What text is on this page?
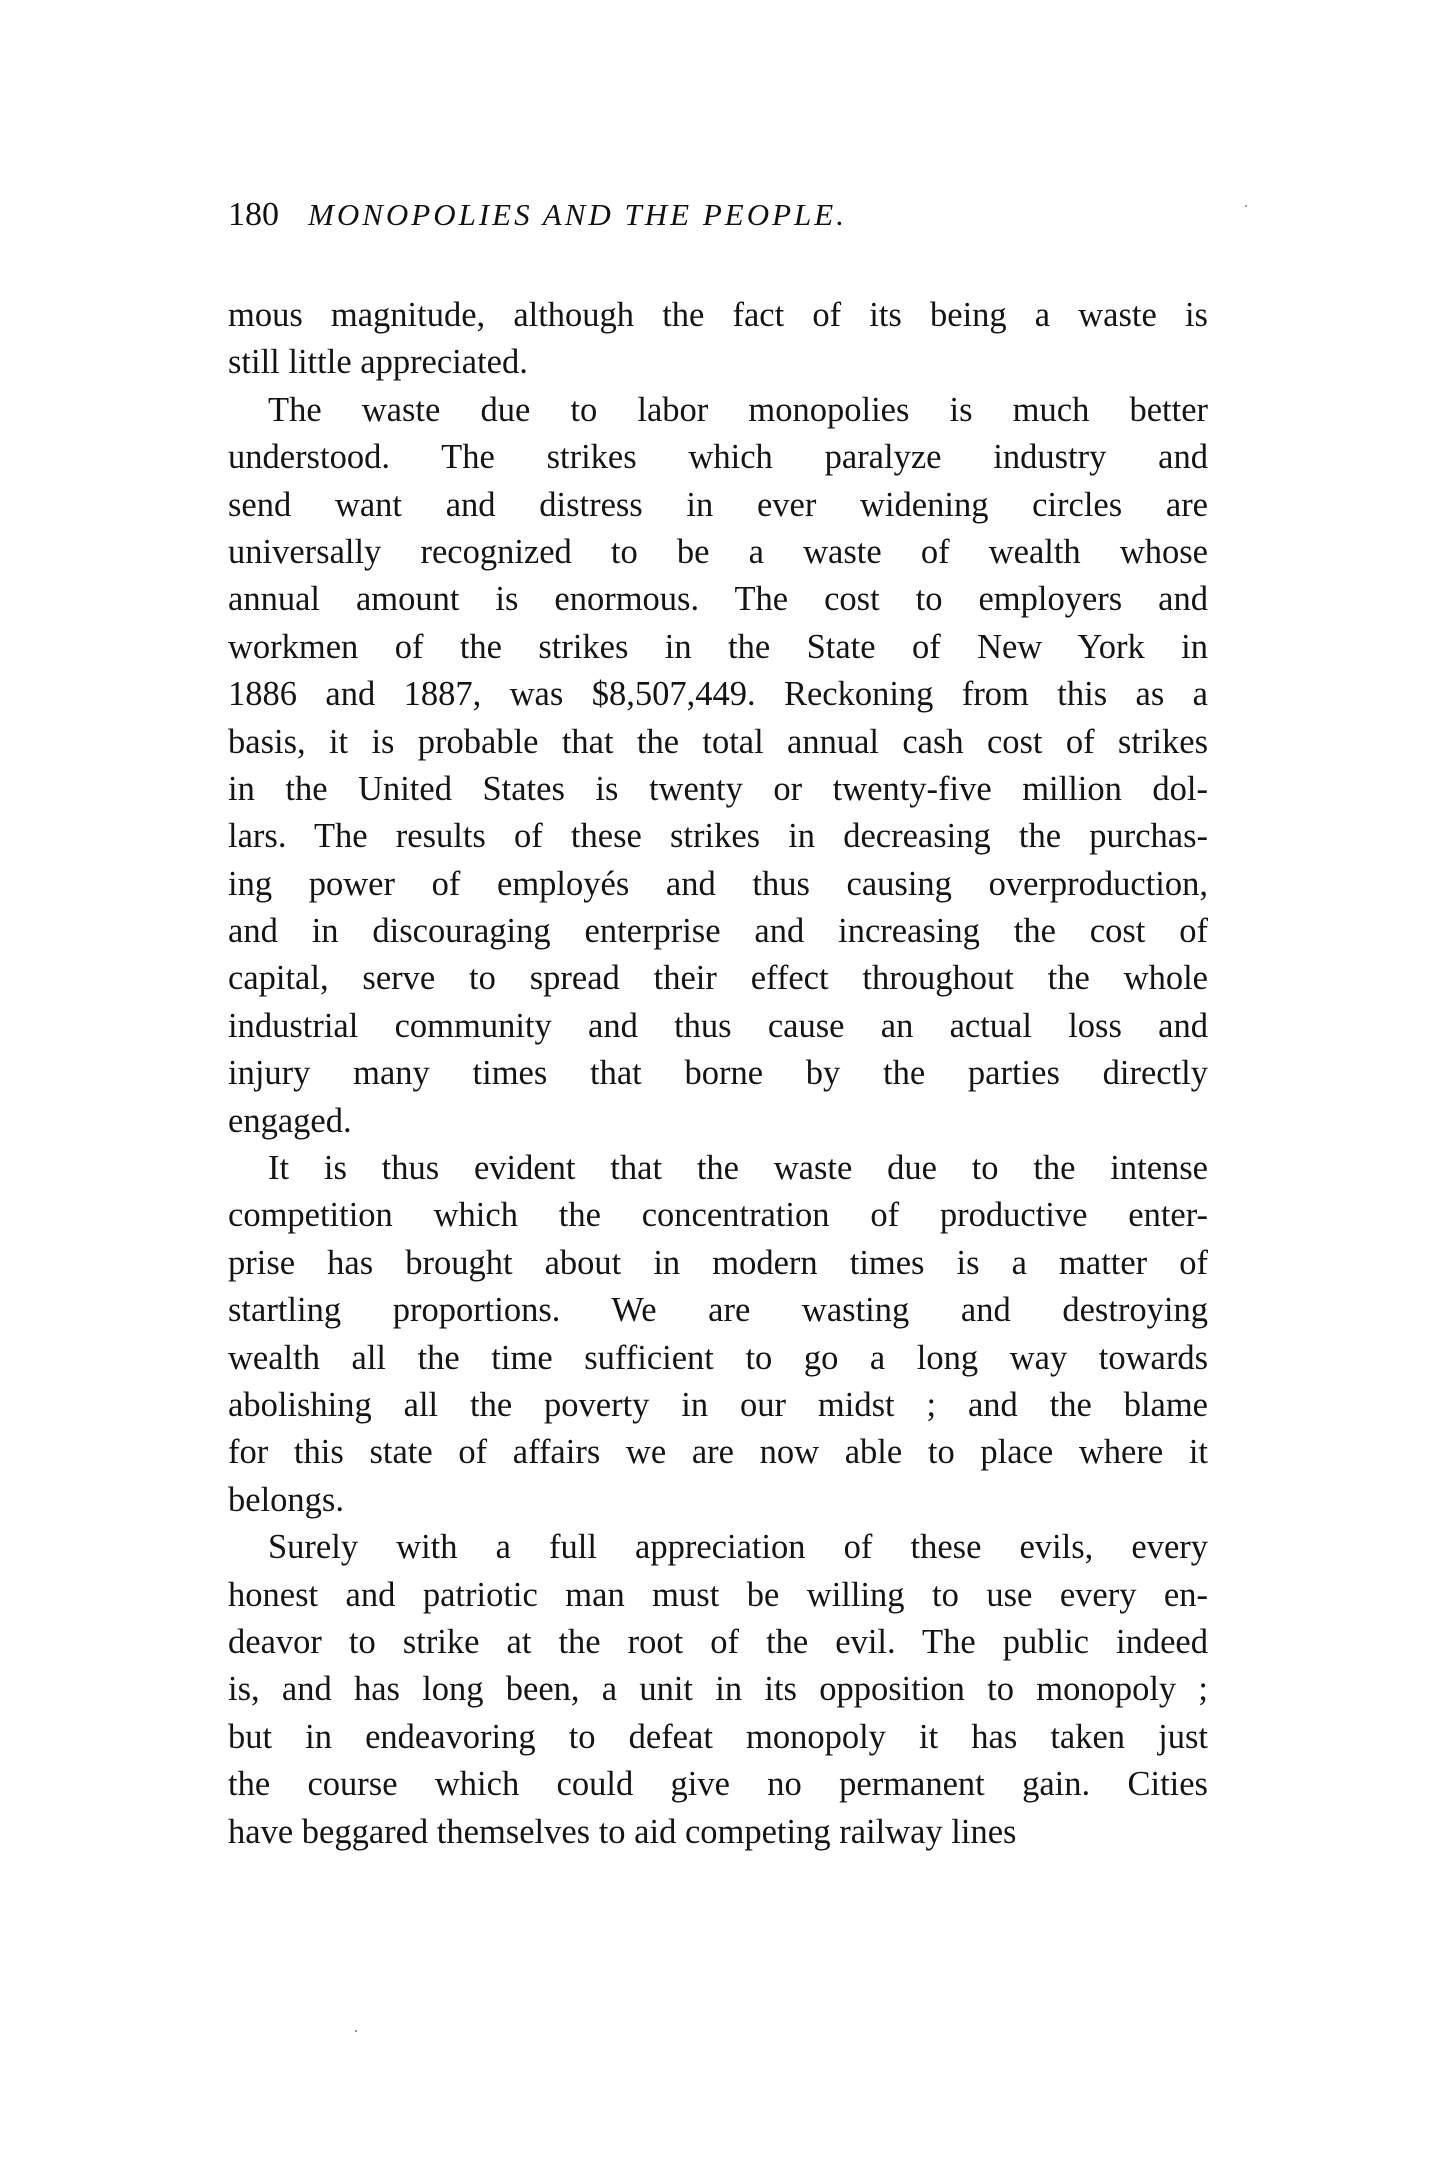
180 MONOPOLIES AND THE PEOPLE.
mous magnitude, although the fact of its being a waste is
still little appreciated.
The waste due to labor monopolies is much better
understood. The strikes which paralyze industry and
send want and distress in ever widening circles are
universally recognized to be a waste of wealth whose
annual amount is enormous. The cost to employers and
workmen of the strikes in the State of New York in
1886 and 1887, was $8,507,449. Reckoning from this as a
basis, it is probable that the total annual cash cost of strikes
in the United States is twenty or twenty-five million dol-
lars. The results of these strikes in decreasing the purchas-
ing power of employés and thus causing overproduction,
and in discouraging enterprise and increasing the cost of
capital, serve to spread their effect throughout the whole
industrial community and thus cause an actual loss and
injury many times that borne by the parties directly
engaged.
It is thus evident that the waste due to the intense
competition which the concentration of productive enter-
prise has brought about in modern times is a matter of
startling proportions. We are wasting and destroying
wealth all the time sufficient to go a long way towards
abolishing all the poverty in our midst ; and the blame
for this state of affairs we are now able to place where it
belongs.
Surely with a full appreciation of these evils, every
honest and patriotic man must be willing to use every en-
deavor to strike at the root of the evil. The public indeed
is, and has long been, a unit in its opposition to monopoly ;
but in endeavoring to defeat monopoly it has taken just
the course which could give no permanent gain. Cities
have beggared themselves to aid competing railway lines
